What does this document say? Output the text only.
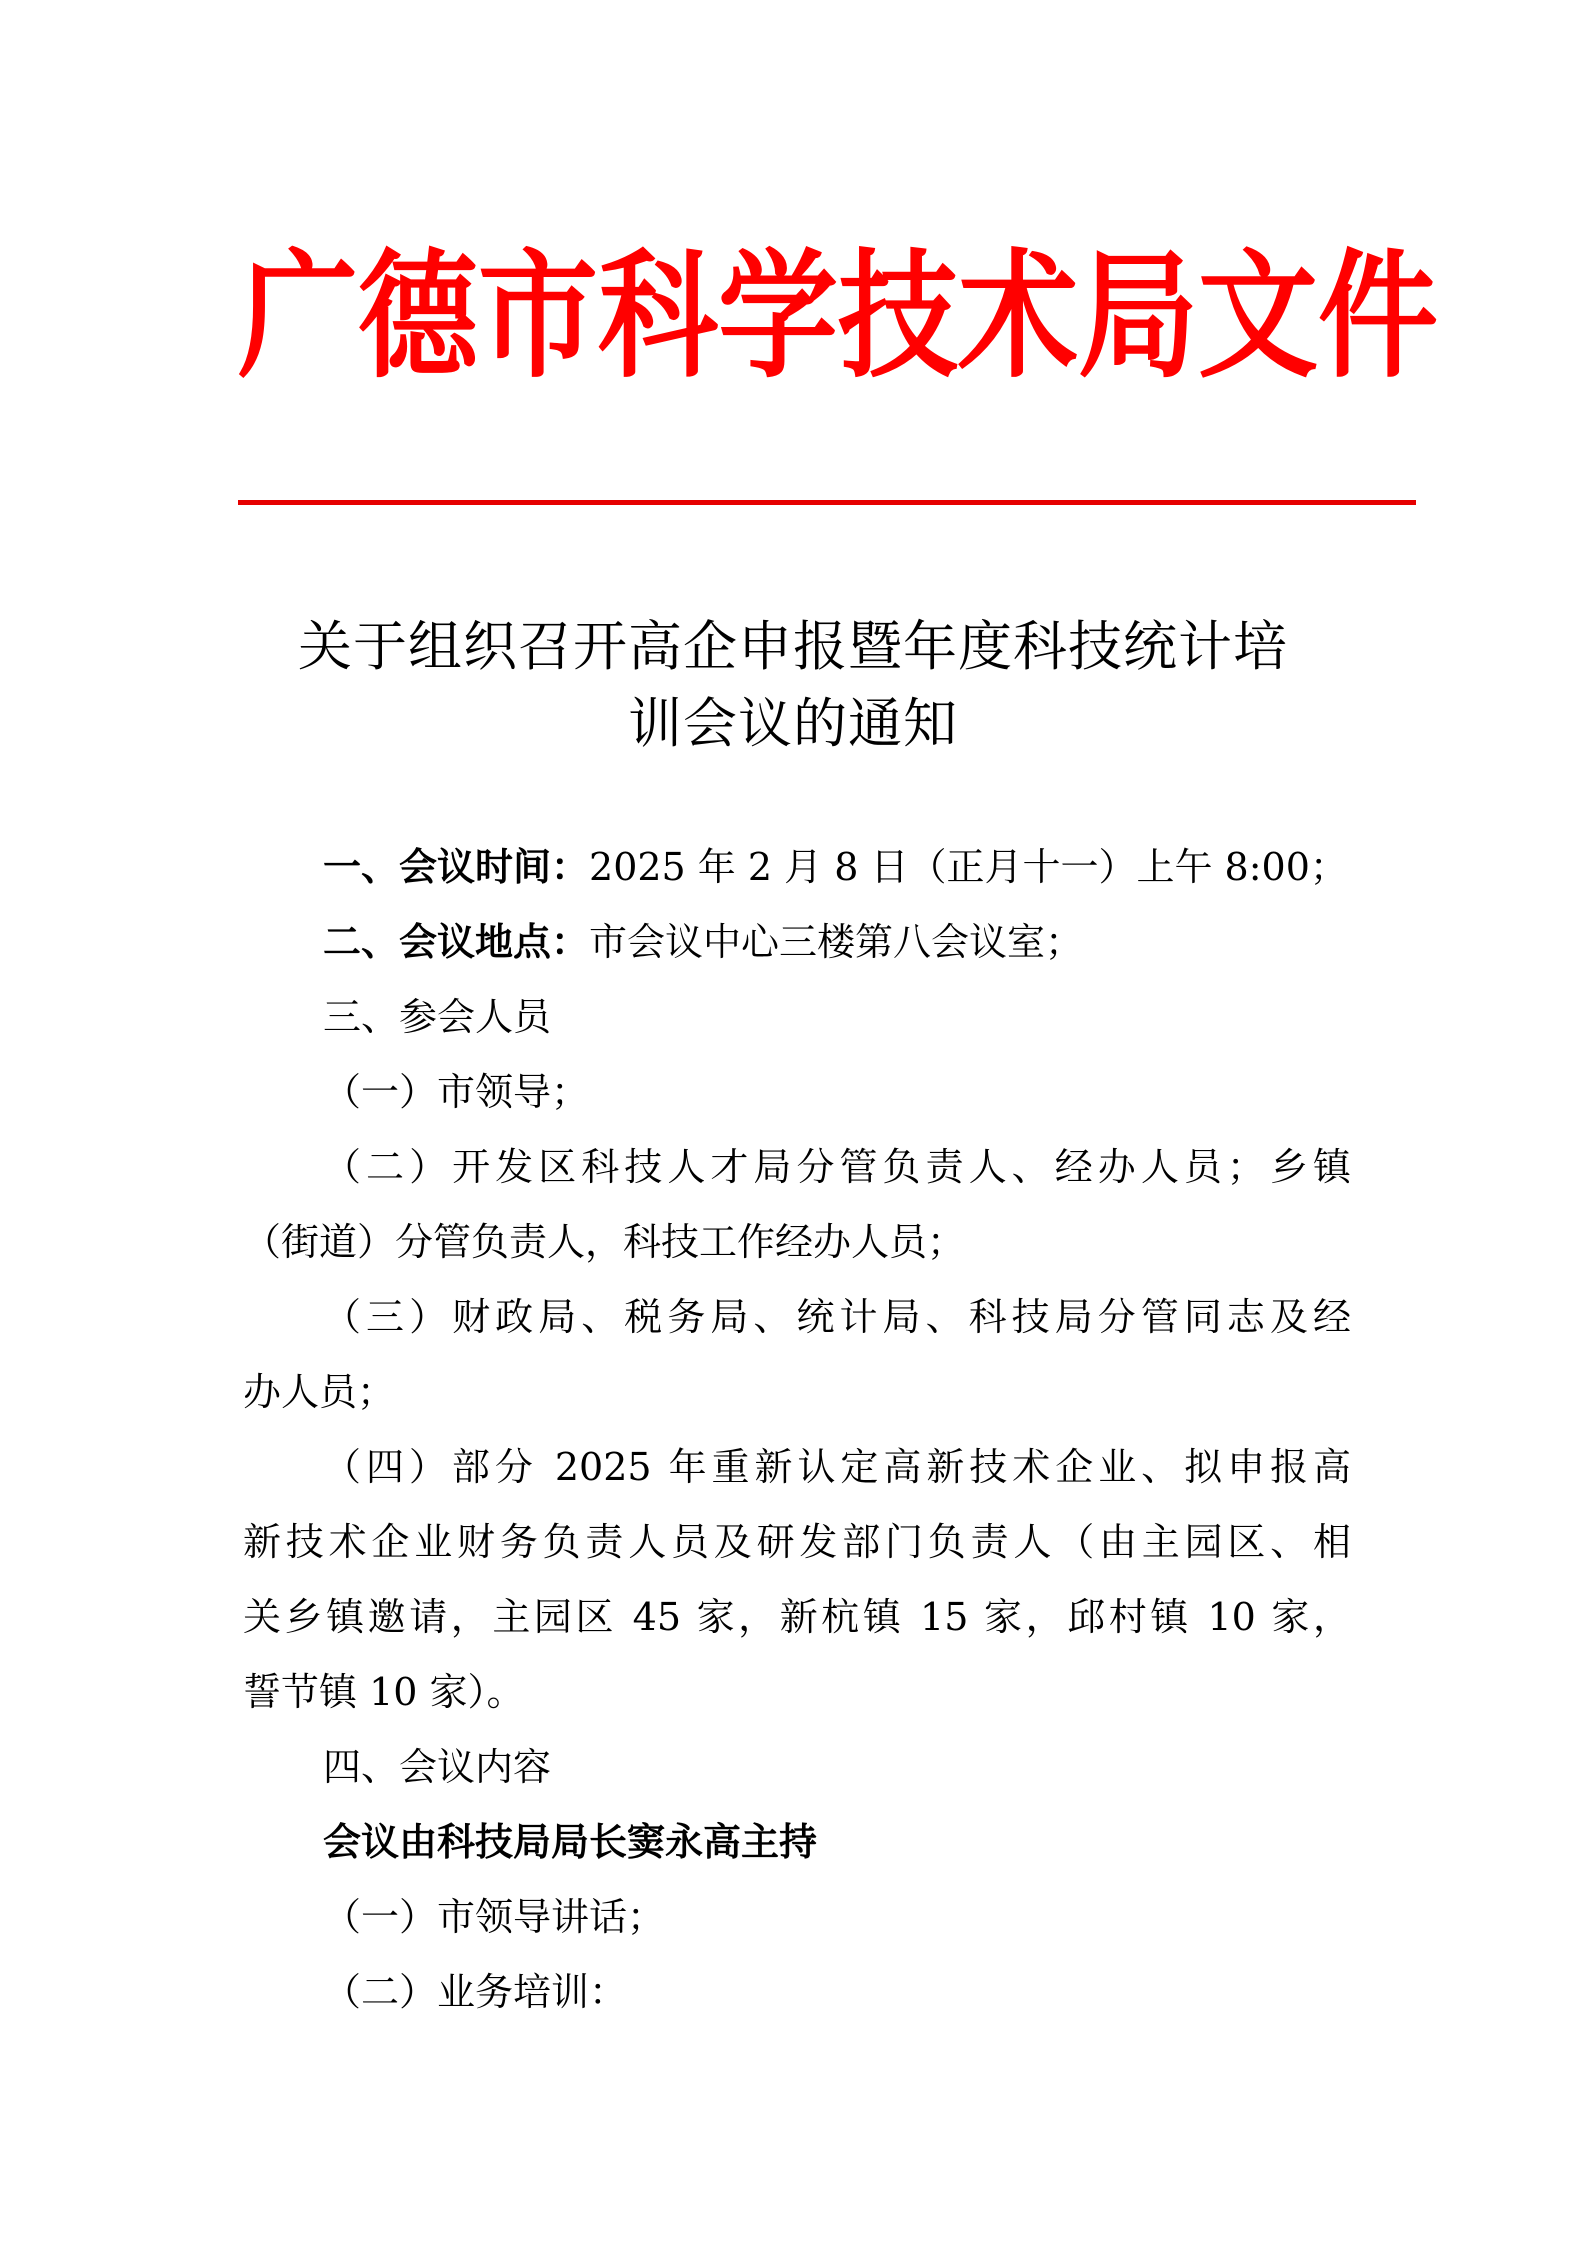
广 德 市 科 学 技 术 局 文 件
关于组织召开高企申报暨年度科技统计培
训会议的通知
一、会议时间：2025 年 2 月 8 日（正月十一）上午 8:00；
二、会议地点：市会议中心三楼第八会议室；
三、参会人员
（一）市领导；
（二）开发区科技人才局分管负责人、经办人员；乡镇
（街道）分管负责人，科技工作经办人员；
（三）财政局、税务局、统计局、科技局分管同志及经
办人员；
（四）部分 2025 年重新认定高新技术企业、拟申报高
新技术企业财务负责人员及研发部门负责人（由主园区、相
关乡镇邀请，主园区 45 家，新杭镇 15 家，邱村镇 10 家，
誓节镇 10 家）。
四、会议内容
会议由科技局局长窦永高主持
（一）市领导讲话；
（二）业务培训：
